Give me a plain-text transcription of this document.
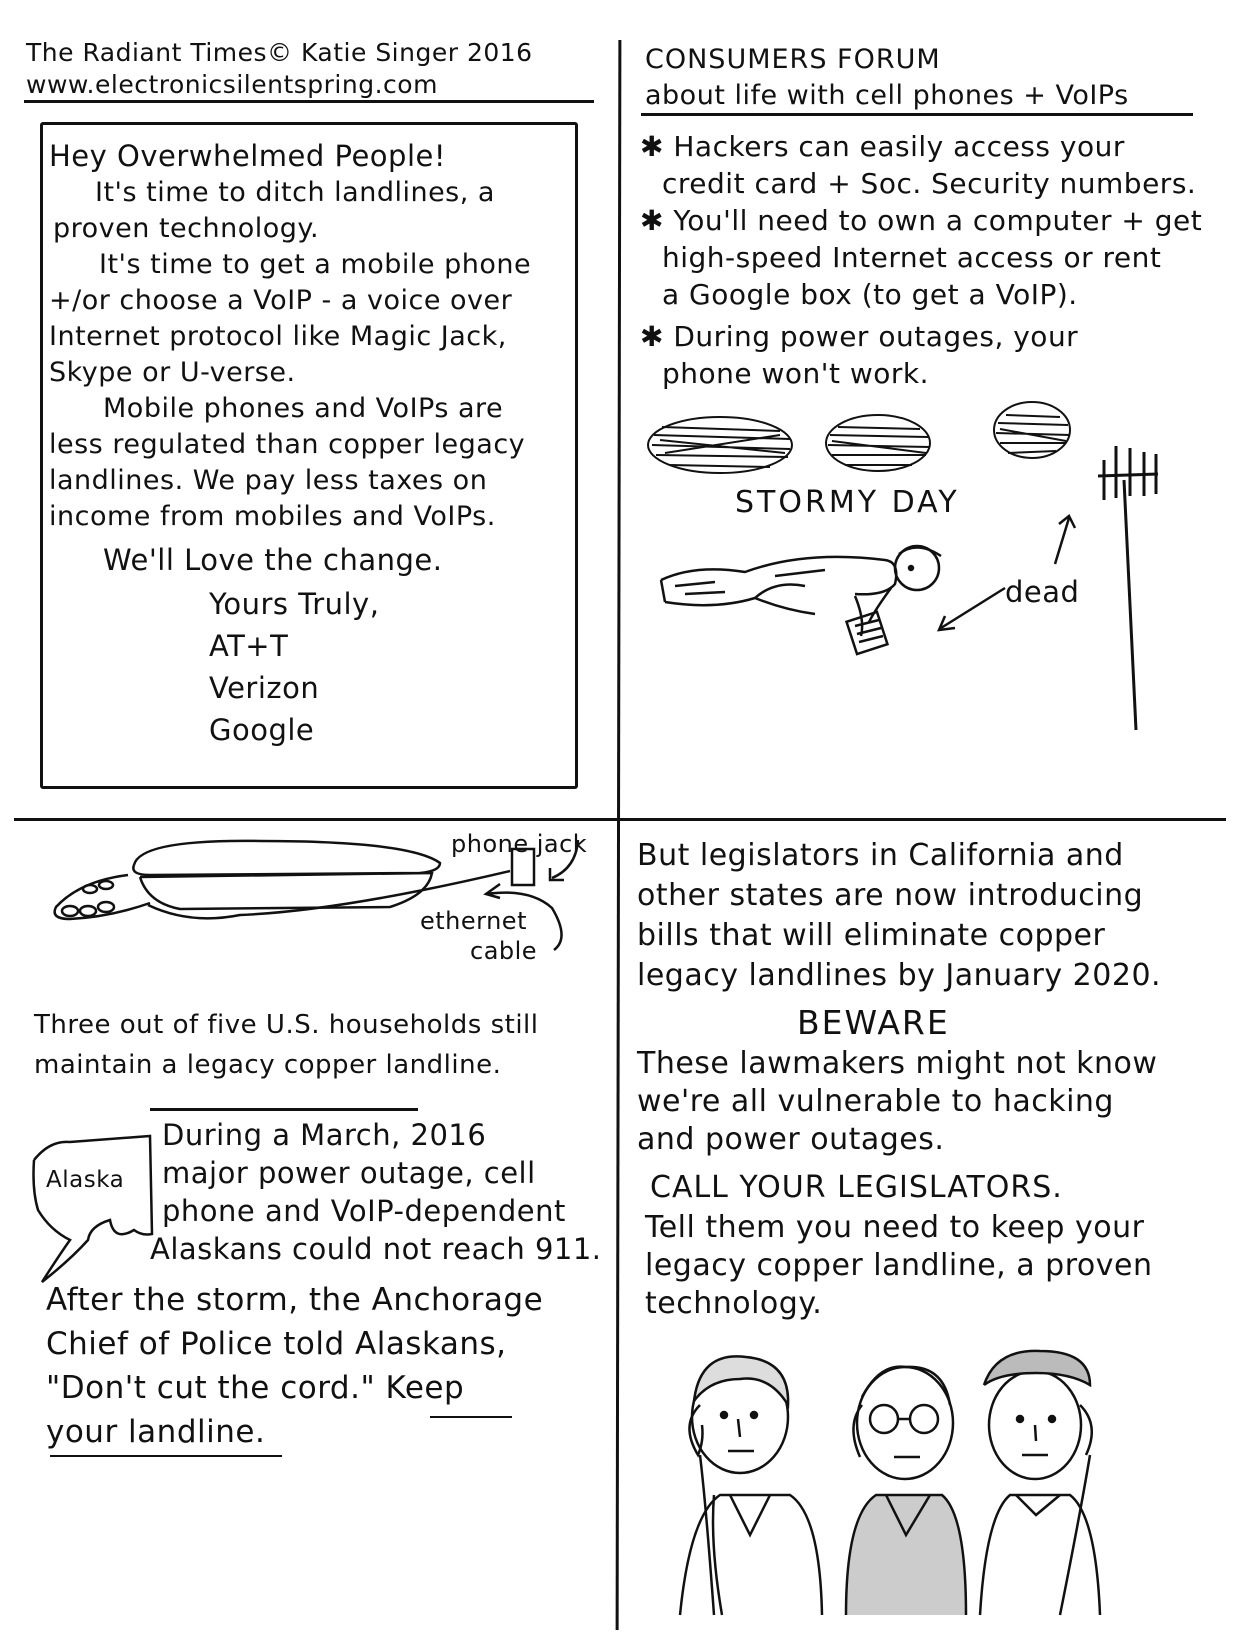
The Radiant Times© Katie Singer 2016
www.electronicsilentspring.com
Hey Overwhelmed People!
It's time to ditch landlines, a
proven technology.
It's time to get a mobile phone
+/or choose a VoIP - a voice over
Internet protocol like Magic Jack,
Skype or U-verse.
Mobile phones and VoIPs are
less regulated than copper legacy
landlines. We pay less taxes on
income from mobiles and VoIPs.
We'll Love the change.
Yours Truly,
AT+T
Verizon
Google
CONSUMERS FORUM
about life with cell phones + VoIPs
✱ Hackers can easily access your
credit card + Soc. Security numbers.
✱ You'll need to own a computer + get
high-speed Internet access or rent
a Google box (to get a VoIP).
✱ During power outages, your
phone won't work.
STORMY DAY
dead
phone jack
ethernet
cable
Three out of five U.S. households still
maintain a legacy copper landline.
Alaska
During a March, 2016
major power outage, cell
phone and VoIP-dependent
Alaskans could not reach 911.
After the storm, the Anchorage
Chief of Police told Alaskans,
"Don't cut the cord." Keep
your landline.
But legislators in California and
other states are now introducing
bills that will eliminate copper
legacy landlines by January 2020.
BEWARE
These lawmakers might not know
we're all vulnerable to hacking
and power outages.
CALL YOUR LEGISLATORS.
Tell them you need to keep your
legacy copper landline, a proven
technology.
